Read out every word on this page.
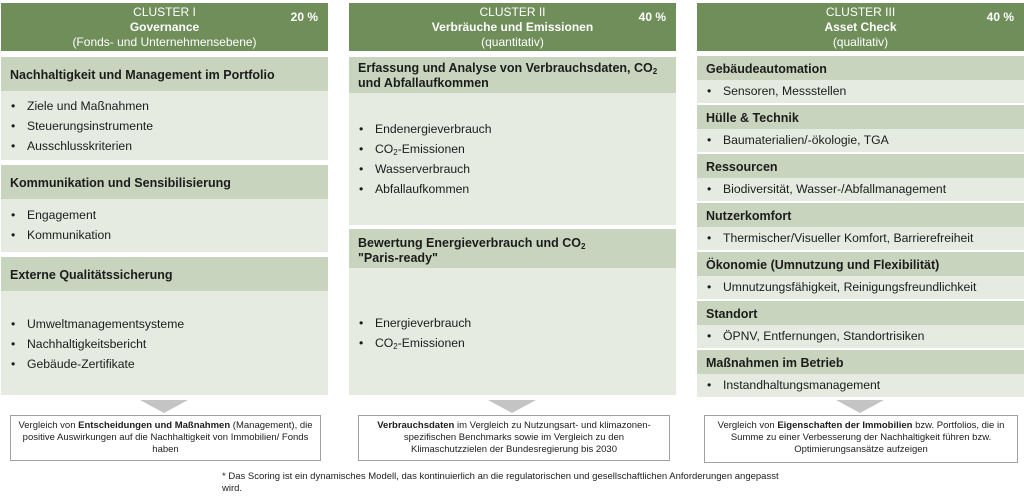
CLUSTER I
Governance
(Fonds- und Unternehmensebene)
20 %
Nachhaltigkeit und Management im Portfolio
• Ziele und Maßnahmen
• Steuerungsinstrumente
• Ausschlusskriterien
Kommunikation und Sensibilisierung
• Engagement
• Kommunikation
Externe Qualitätssicherung
• Umweltmanagementsysteme
• Nachhaltigkeitsbericht
• Gebäude-Zertifikate
CLUSTER II
Verbräuche und Emissionen
(quantitativ)
40 %
Erfassung und Analyse von Verbrauchsdaten, $CO_2$
und Abfallaufkommen
• Endenergieverbrauch
• $CO_2$-Emissionen
• Wasserverbrauch
• Abfallaufkommen
Bewertung Energieverbrauch und $CO_2$
"Paris-ready"
• Energieverbrauch
• $CO_2$-Emissionen
CLUSTER III
Asset Check
(qualitativ)
40 %
Gebäudeautomation
• Sensoren, Messstellen
Hülle & Technik
• Baumaterialien/-ökologie, TGA
Ressourcen
• Biodiversität, Wasser-/Abfallmanagement
Nutzerkomfort
• Thermischer/Visueller Komfort, Barrierefreiheit
Ökonomie (Umnutzung und Flexibilität)
• Umnutzungsfähigkeit, Reinigungsfreundlichkeit
Standort
• ÖPNV, Entfernungen, Standortrisiken
Maßnahmen im Betrieb
• Instandhaltungsmanagement
Vergleich von Entscheidungen und Maßnahmen (Management), die positive Auswirkungen auf die Nachhaltigkeit von Immobilien/ Fonds haben
Verbrauchsdaten im Vergleich zu Nutzungsart- und klimazonen-spezifischen Benchmarks sowie im Vergleich zu den Klimaschutzzielen der Bundesregierung bis 2030
Vergleich von Eigenschaften der Immobilien bzw. Portfolios, die in Summe zu einer Verbesserung der Nachhaltigkeit führen bzw. Optimierungsansätze aufzeigen
* Das Scoring ist ein dynamisches Modell, das kontinuierlich an die regulatorischen und gesellschaftlichen Anforderungen angepasst wird.
